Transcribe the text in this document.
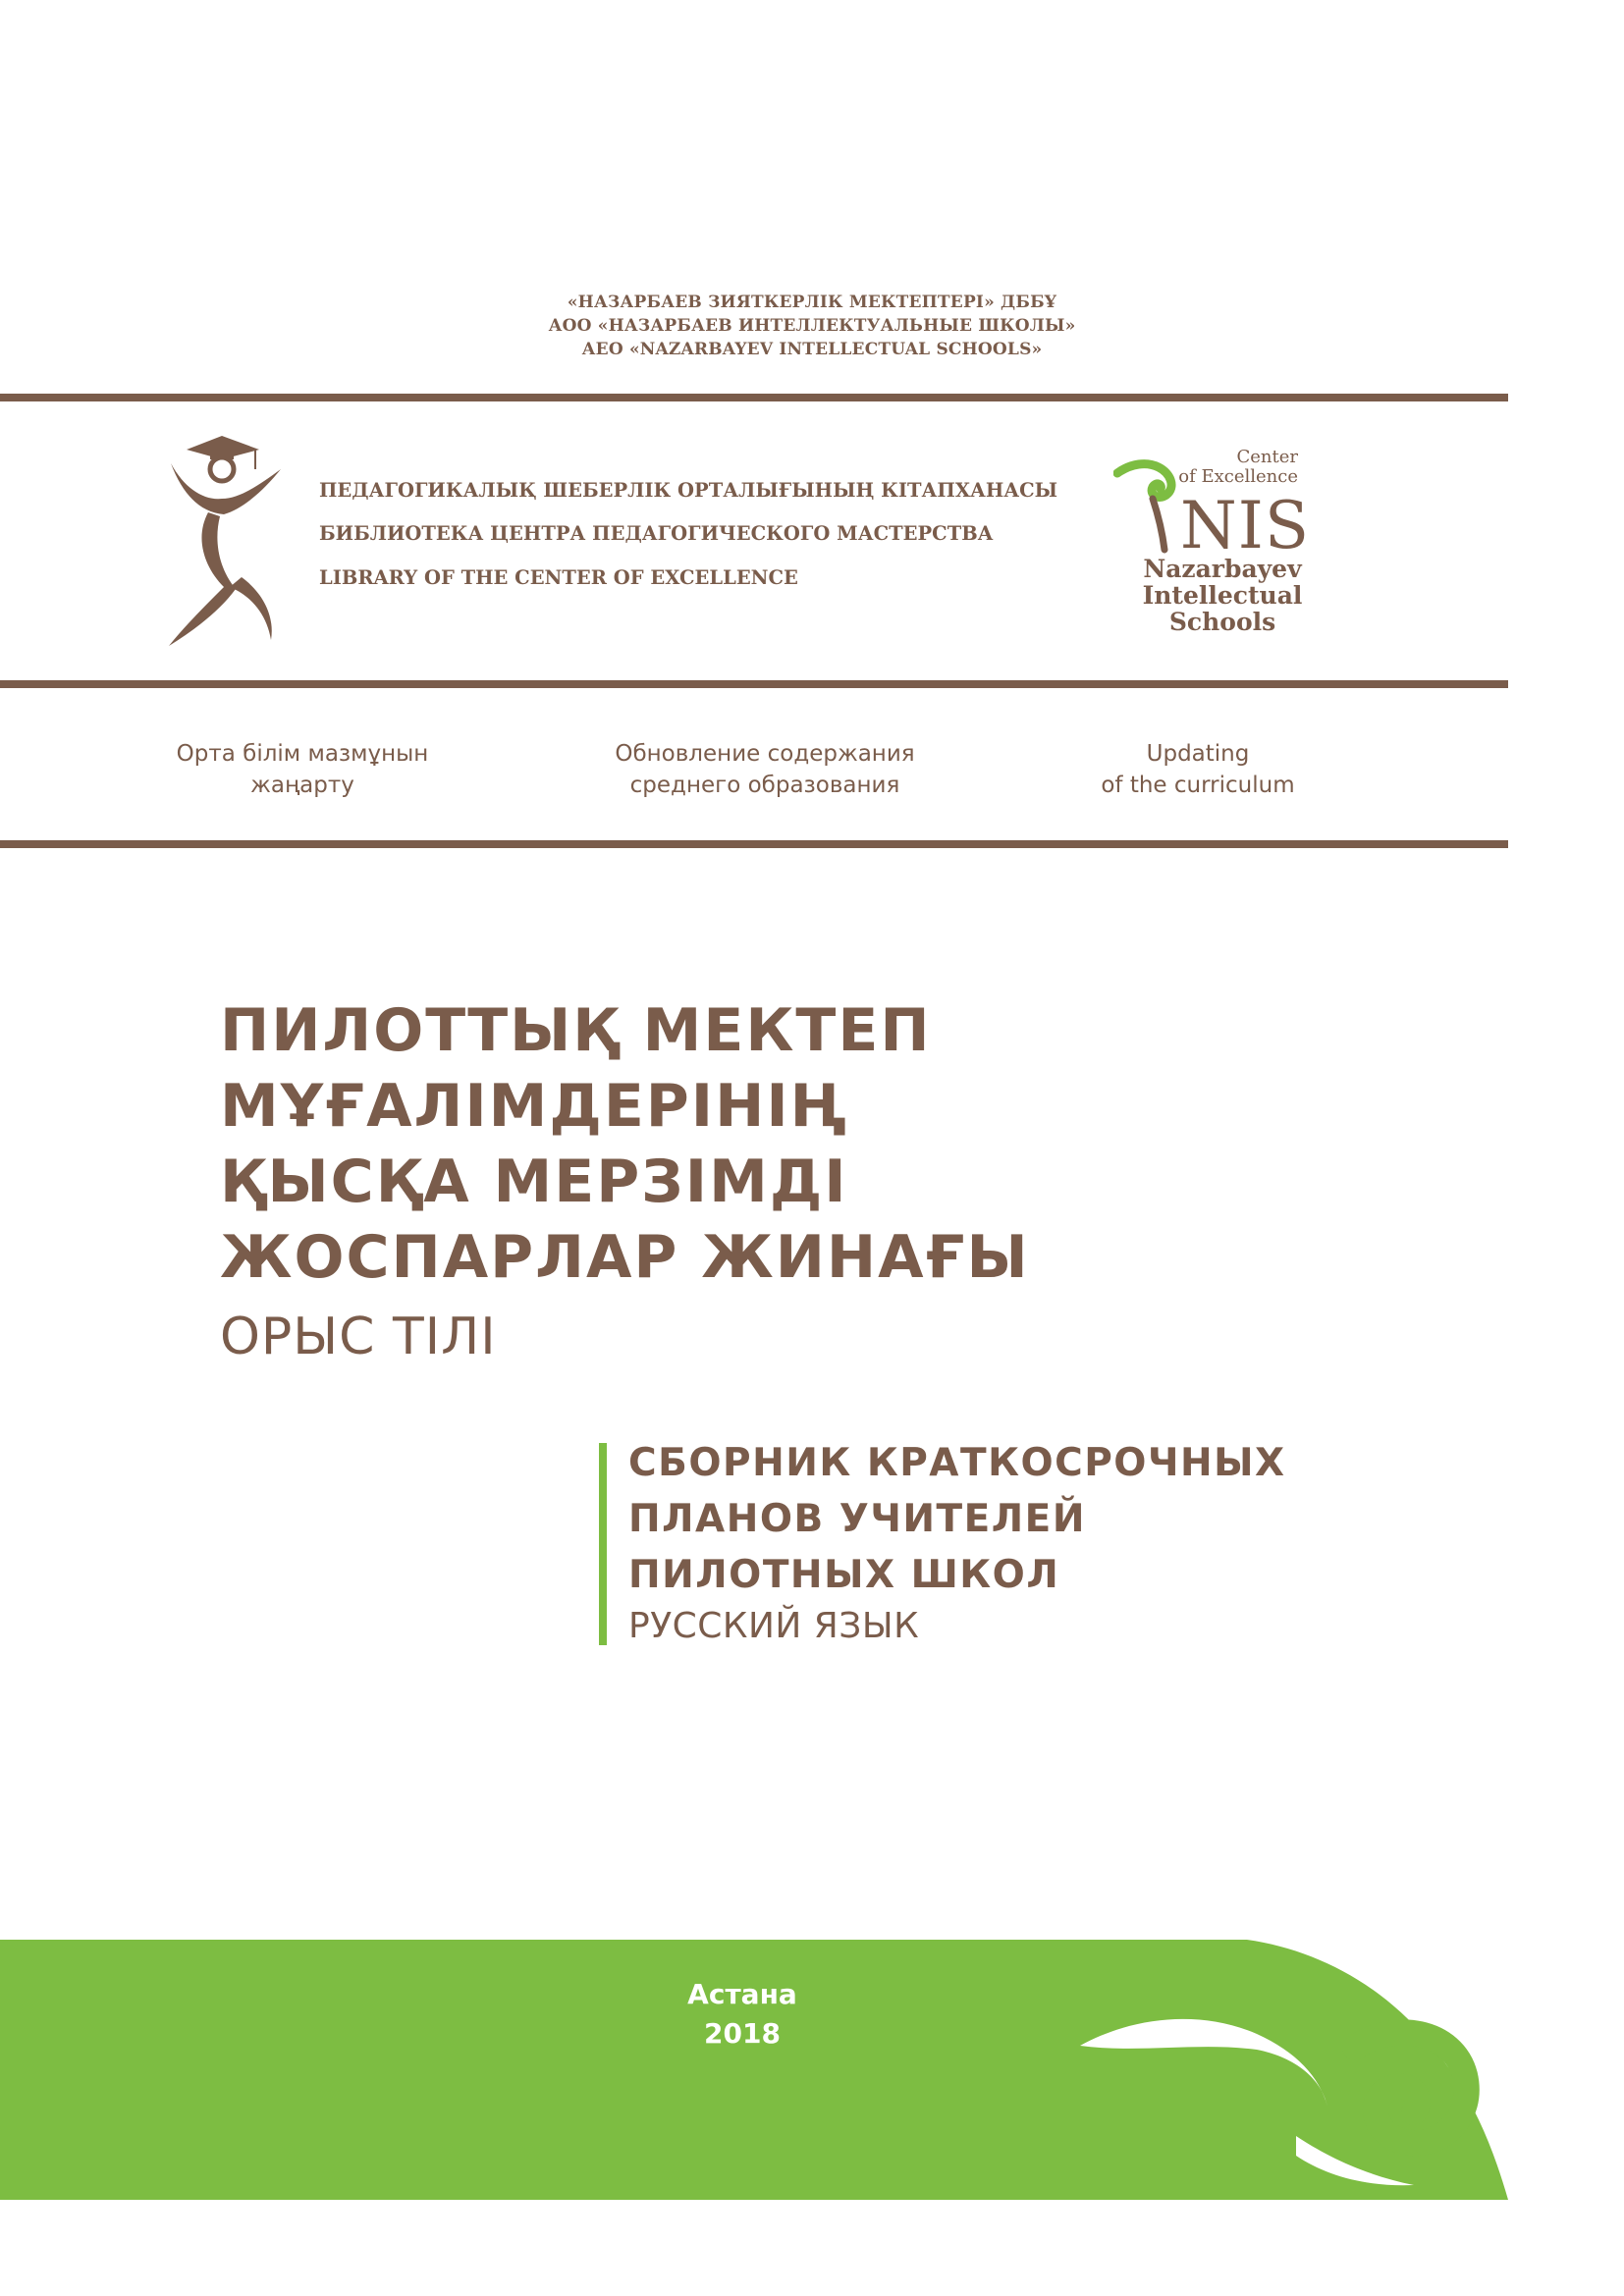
«НАЗАРБАЕВ ЗИЯТКЕРЛІК МЕКТЕПТЕРІ» ДББҰ
АОО «НАЗАРБАЕВ ИНТЕЛЛЕКТУАЛЬНЫЕ ШКОЛЫ»
АЕО «NAZARBAYEV INTELLECTUAL SCHOOLS»
ПЕДАГОГИКАЛЫҚ ШЕБЕРЛІК ОРТАЛЫҒЫНЫҢ КІТАПХАНАСЫ
БИБЛИОТЕКА ЦЕНТРА ПЕДАГОГИЧЕСКОГО МАСТЕРСТВА
LIBRARY OF THE CENTER OF EXCELLENCE
Center
of Excellence
NIS
Nazarbayev
Intellectual
Schools
Орта білім мазмұнын
жаңарту
Обновление содержания
среднего образования
Updating
of the curriculum
ПИЛОТТЫҚ МЕКТЕП
МҰҒАЛІМДЕРІНІҢ
ҚЫСҚА МЕРЗІМДІ
ЖОСПАРЛАР ЖИНАҒЫ
ОРЫС ТІЛІ
СБОРНИК КРАТКОСРОЧНЫХ
ПЛАНОВ УЧИТЕЛЕЙ
ПИЛОТНЫХ ШКОЛ
РУССКИЙ ЯЗЫК
Астана
2018
